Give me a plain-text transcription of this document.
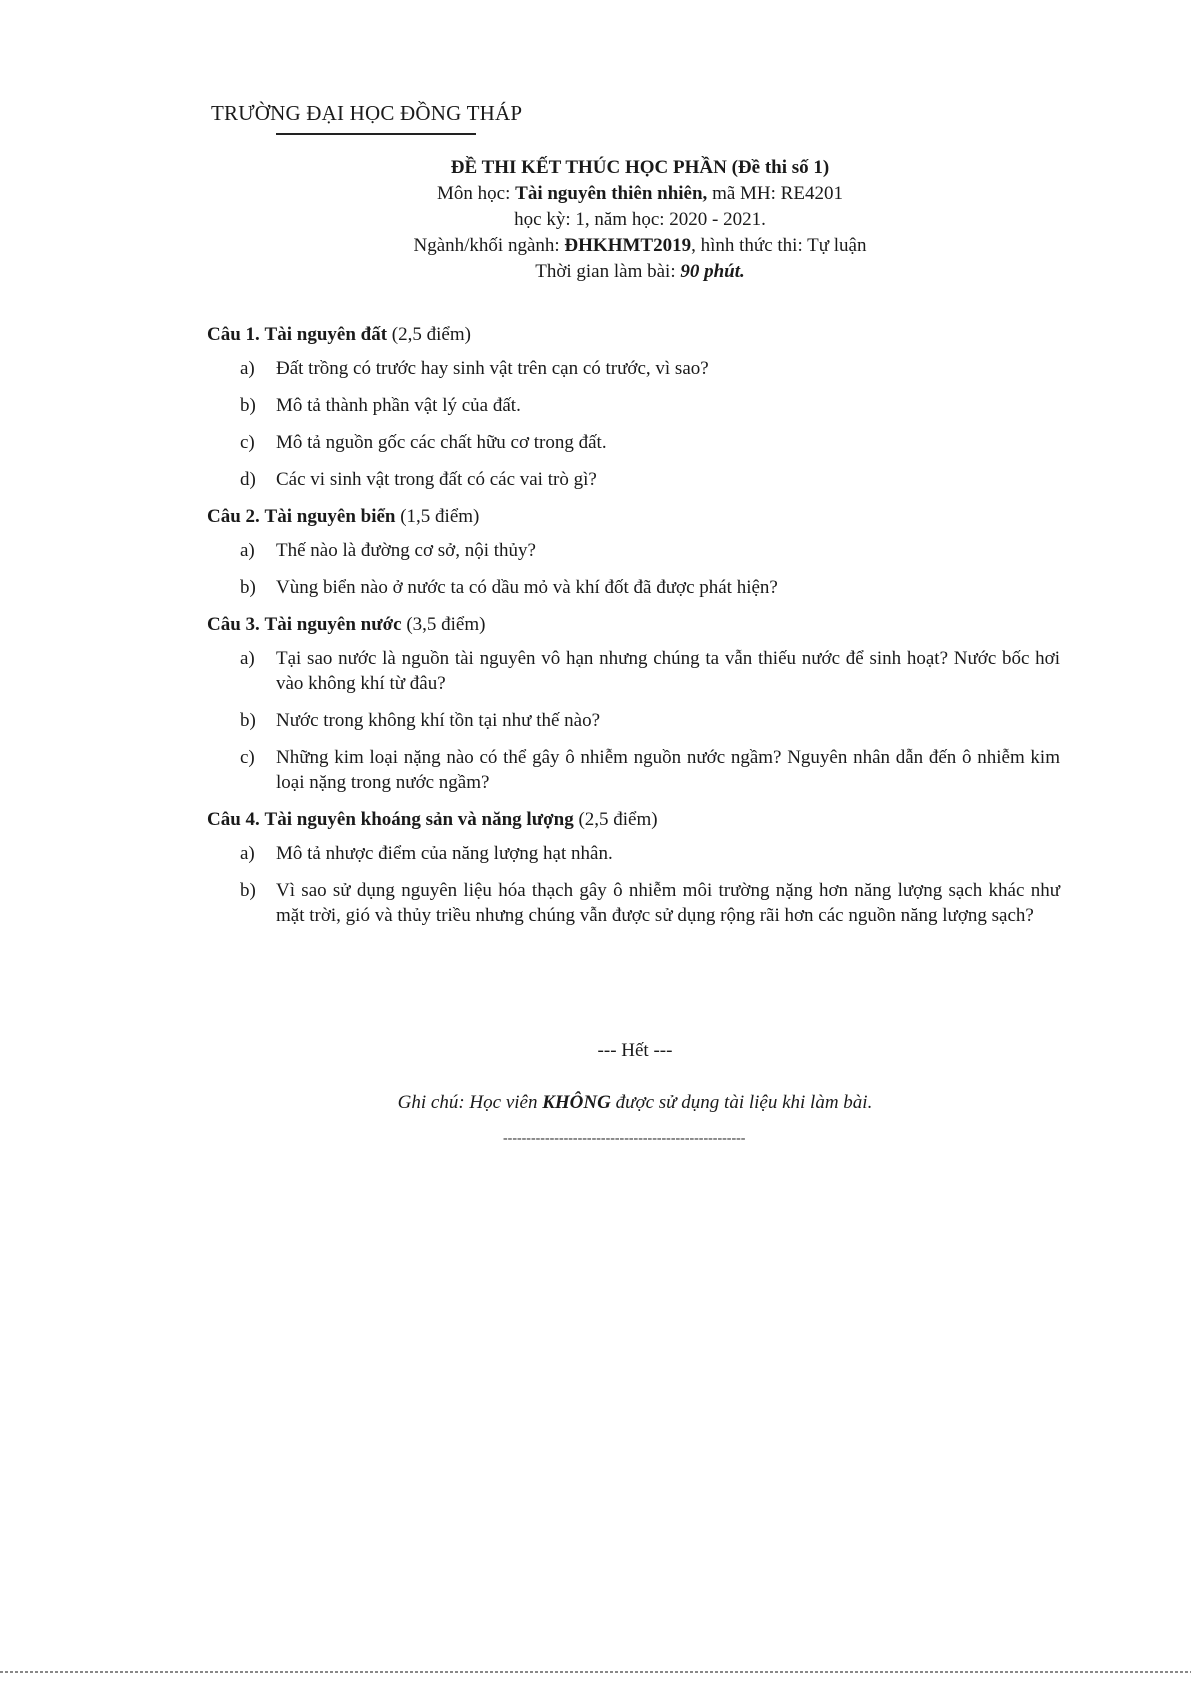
TRƯỜNG ĐẠI HỌC ĐỒNG THÁP
ĐỀ THI KẾT THÚC HỌC PHẦN (Đề thi số 1)
Môn học: Tài nguyên thiên nhiên, mã MH: RE4201
học kỳ: 1, năm học: 2020 - 2021.
Ngành/khối ngành: ĐHKHMT2019, hình thức thi: Tự luận
Thời gian làm bài: 90 phút.
Câu 1. Tài nguyên đất (2,5 điểm)
a)	Đất trồng có trước hay sinh vật trên cạn có trước, vì sao?
b)	Mô tả thành phần vật lý của đất.
c)	Mô tả nguồn gốc các chất hữu cơ trong đất.
d)	Các vi sinh vật trong đất có các vai trò gì?
Câu 2. Tài nguyên biển (1,5 điểm)
a)	Thế nào là đường cơ sở, nội thủy?
b)	Vùng biển nào ở nước ta có dầu mỏ và khí đốt đã được phát hiện?
Câu 3. Tài nguyên nước (3,5 điểm)
a)	Tại sao nước là nguồn tài nguyên vô hạn nhưng chúng ta vẫn thiếu nước để sinh hoạt? Nước bốc hơi vào không khí từ đâu?
b)	Nước trong không khí tồn tại như thế nào?
c)	Những kim loại nặng nào có thể gây ô nhiễm nguồn nước ngầm? Nguyên nhân dẫn đến ô nhiễm kim loại nặng trong nước ngầm?
Câu 4. Tài nguyên khoáng sản và năng lượng (2,5 điểm)
a)	Mô tả nhược điểm của năng lượng hạt nhân.
b)	Vì sao sử dụng nguyên liệu hóa thạch gây ô nhiễm môi trường nặng hơn năng lượng sạch khác như mặt trời, gió và thủy triều nhưng chúng vẫn được sử dụng rộng rãi hơn các nguồn năng lượng sạch?
--- Hết ---
Ghi chú: Học viên KHÔNG được sử dụng tài liệu khi làm bài.
----------------------------------------------------
